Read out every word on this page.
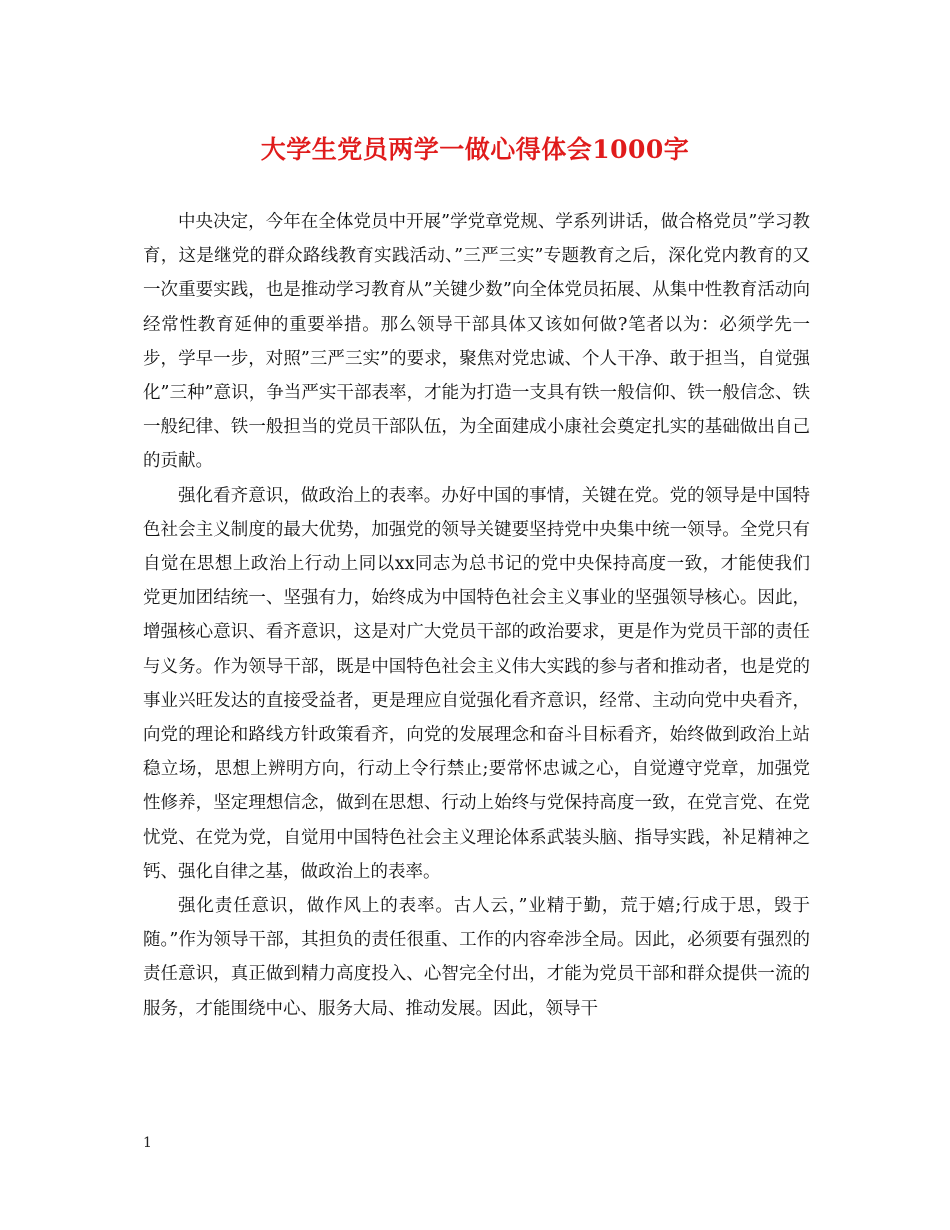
大学生党员两学一做心得体会1000字

中央决定，今年在全体党员中开展”学党章党规、学系列讲话，做合格党员”学习教育，这是继党的群众路线教育实践活动、”三严三实”专题教育之后，深化党内教育的又一次重要实践，也是推动学习教育从”关键少数”向全体党员拓展、从集中性教育活动向经常性教育延伸的重要举措。那么领导干部具体又该如何做?笔者以为：必须学先一步，学早一步，对照”三严三实”的要求，聚焦对党忠诚、个人干净、敢于担当，自觉强化”三种”意识，争当严实干部表率，才能为打造一支具有铁一般信仰、铁一般信念、铁一般纪律、铁一般担当的党员干部队伍，为全面建成小康社会奠定扎实的基础做出自己的贡献。

强化看齐意识，做政治上的表率。办好中国的事情，关键在党。党的领导是中国特色社会主义制度的最大优势，加强党的领导关键要坚持党中央集中统一领导。全党只有自觉在思想上政治上行动上同以xx同志为总书记的党中央保持高度一致，才能使我们党更加团结统一、坚强有力，始终成为中国特色社会主义事业的坚强领导核心。因此，增强核心意识、看齐意识，这是对广大党员干部的政治要求，更是作为党员干部的责任与义务。作为领导干部，既是中国特色社会主义伟大实践的参与者和推动者，也是党的事业兴旺发达的直接受益者，更是理应自觉强化看齐意识，经常、主动向党中央看齐，向党的理论和路线方针政策看齐，向党的发展理念和奋斗目标看齐，始终做到政治上站稳立场，思想上辨明方向，行动上令行禁止;要常怀忠诚之心，自觉遵守党章，加强党性修养，坚定理想信念，做到在思想、行动上始终与党保持高度一致，在党言党、在党忧党、在党为党，自觉用中国特色社会主义理论体系武装头脑、指导实践，补足精神之钙、强化自律之基，做政治上的表率。

强化责任意识，做作风上的表率。古人云，”业精于勤，荒于嬉;行成于思，毁于随。”作为领导干部，其担负的责任很重、工作的内容牵涉全局。因此，必须要有强烈的责任意识，真正做到精力高度投入、心智完全付出，才能为党员干部和群众提供一流的服务，才能围绕中心、服务大局、推动发展。因此，领导干

1
